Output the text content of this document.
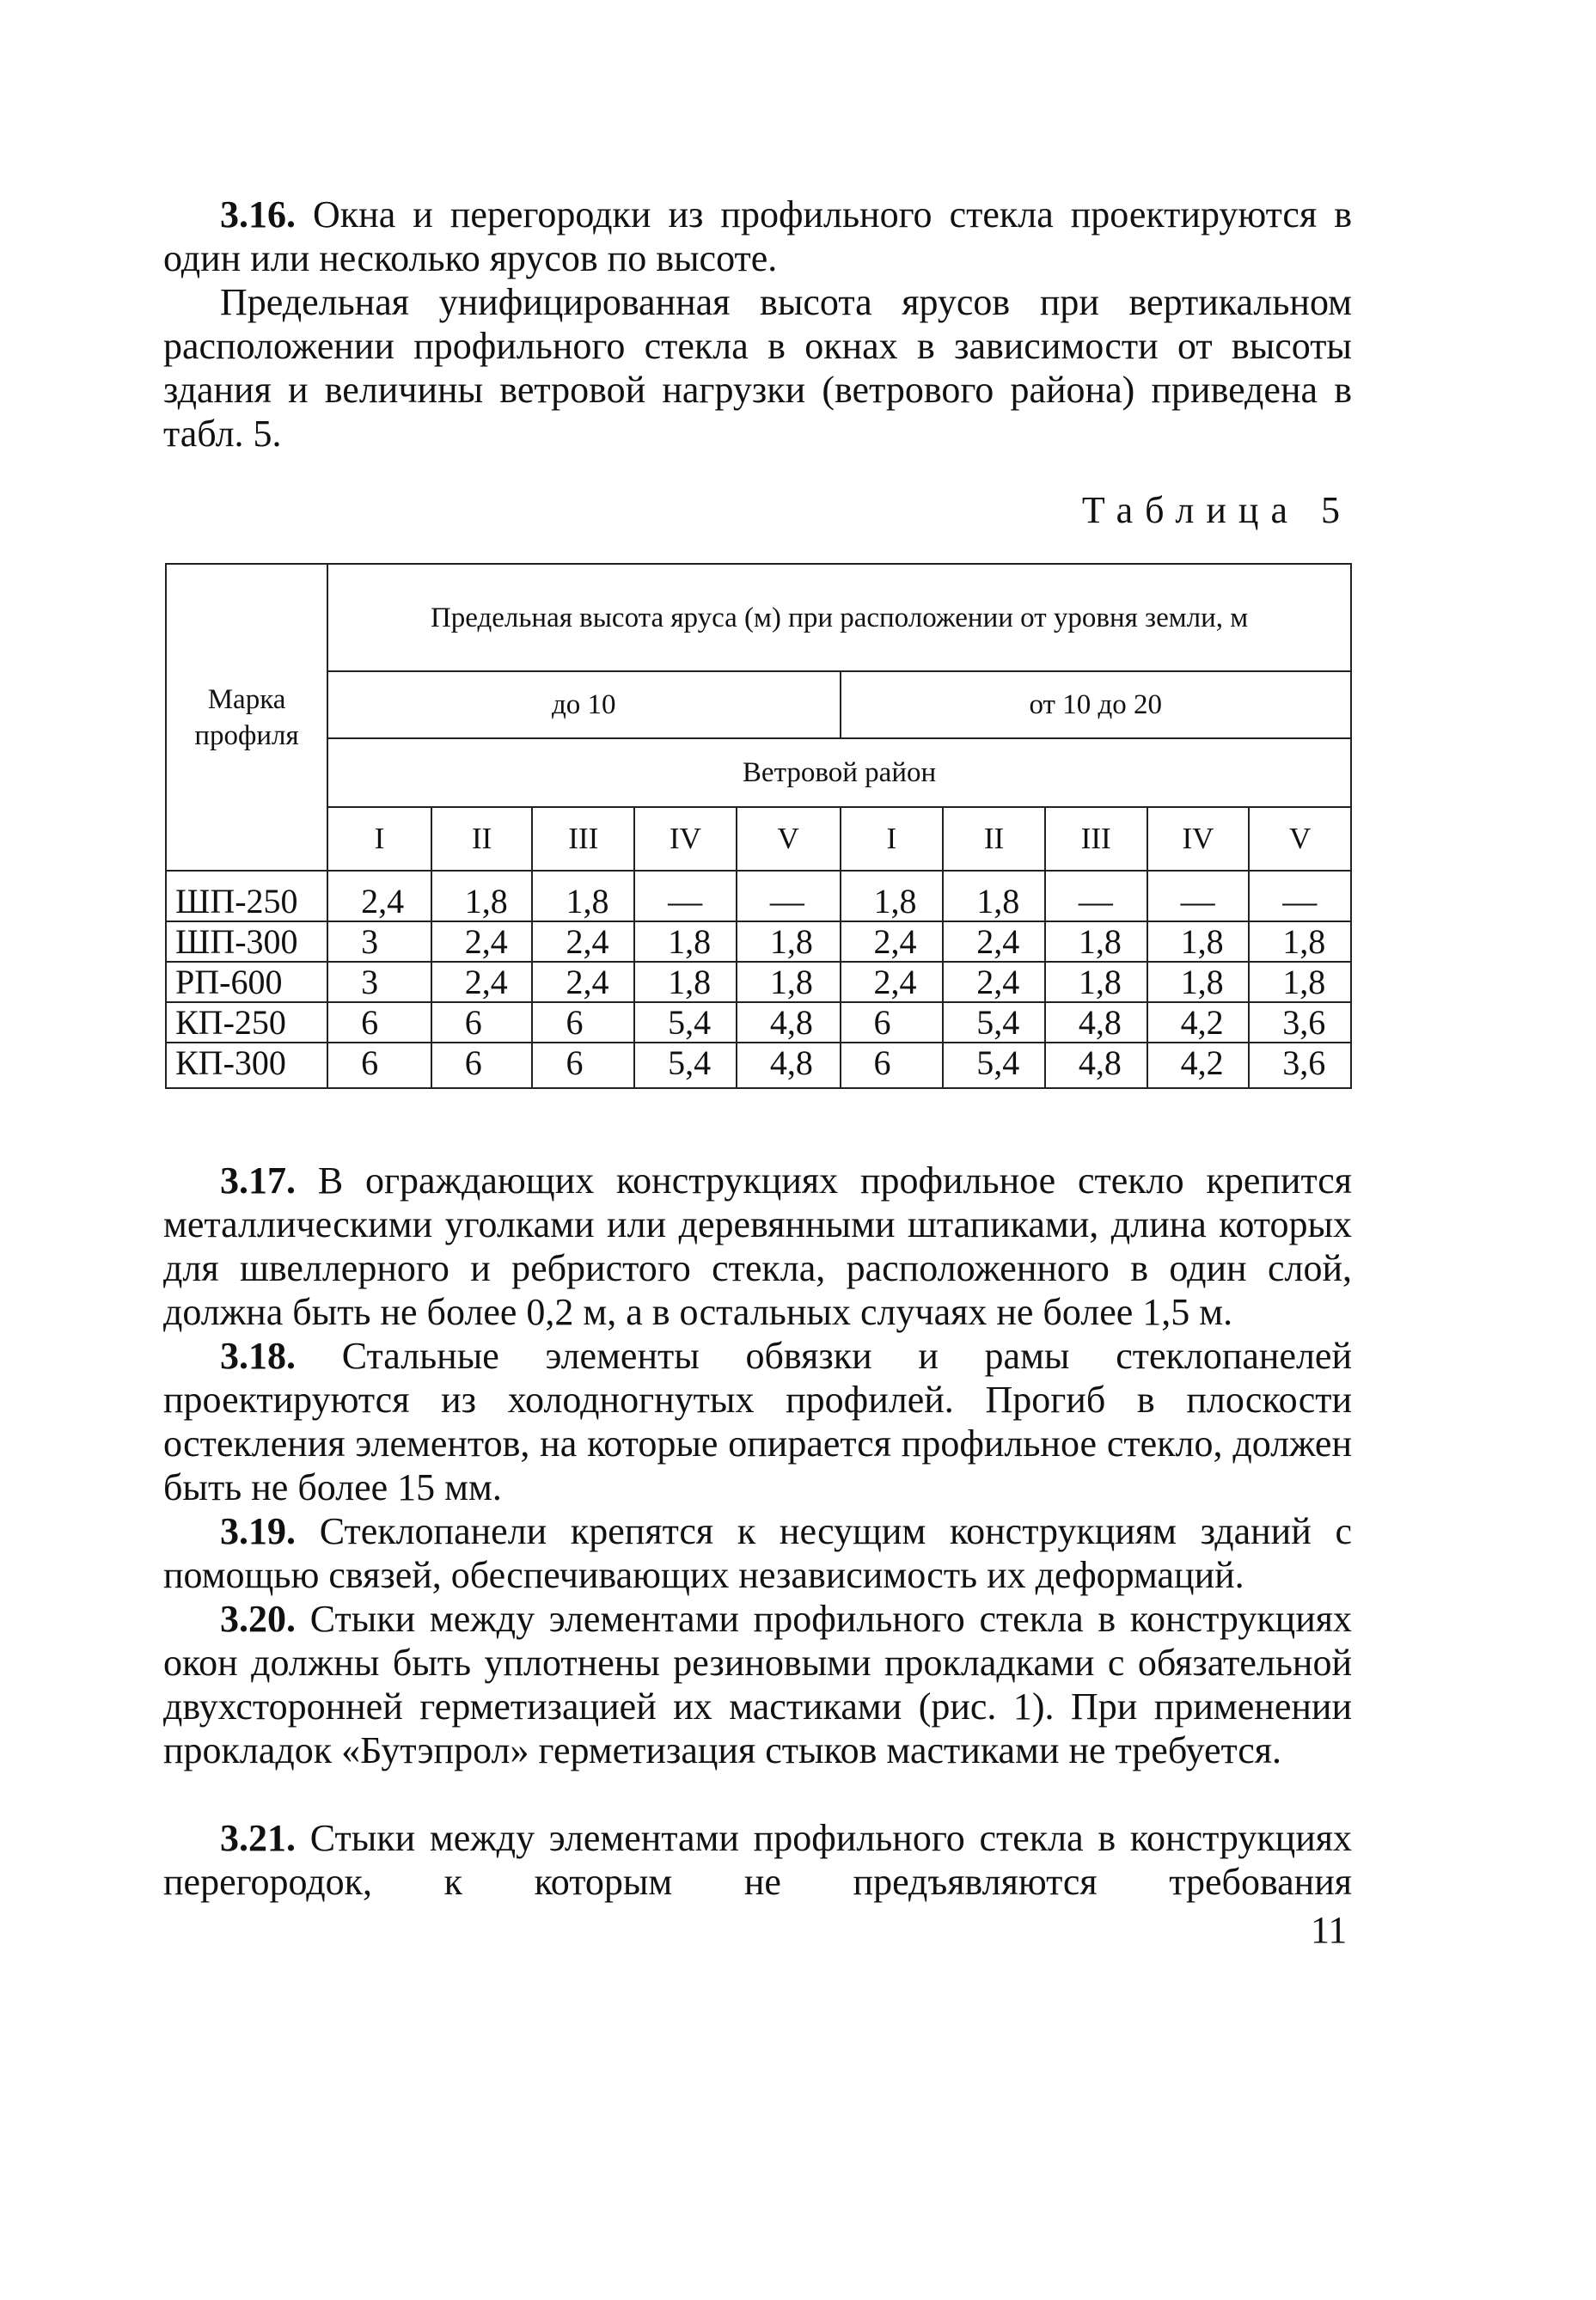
3.16. Окна и перегородки из профильного стекла проектируются в один или несколько ярусов по высоте.
Предельная унифицированная высота ярусов при вертикальном расположении профильного стекла в окнах в зависимости от высоты здания и величины ветровой нагрузки (ветрового района) приведена в табл. 5.
Таблица 5
Марка профиля	Предельная высота яруса (м) при расположении от уровня земли, м									
	до 10					от 10 до 20				
	Ветровой район									
	I	II	III	IV	V	I	II	III	IV	V
ШП-250	2,4	1,8	1,8	—	—	1,8	1,8	—	—	—
ШП-300	3	2,4	2,4	1,8	1,8	2,4	2,4	1,8	1,8	1,8
РП-600	3	2,4	2,4	1,8	1,8	2,4	2,4	1,8	1,8	1,8
КП-250	6	6	6	5,4	4,8	6	5,4	4,8	4,2	3,6
КП-300	6	6	6	5,4	4,8	6	5,4	4,8	4,2	3,6
3.17. В ограждающих конструкциях профильное стекло крепится металлическими уголками или деревянными штапиками, длина которых для швеллерного и ребристого стекла, расположенного в один слой, должна быть не более 0,2 м, а в остальных случаях не более 1,5 м.
3.18. Стальные элементы обвязки и рамы стеклопанелей проектируются из холодногнутых профилей. Прогиб в плоскости остекления элементов, на которые опирается профильное стекло, должен быть не более 15 мм.
3.19. Стеклопанели крепятся к несущим конструкциям зданий с помощью связей, обеспечивающих независимость их деформаций.
3.20. Стыки между элементами профильного стекла в конструкциях окон должны быть уплотнены резиновыми прокладками с обязательной двухсторонней герметизацией их мастиками (рис. 1). При применении прокладок «Бутэпрол» герметизация стыков мастиками не требуется.
3.21. Стыки между элементами профильного стекла в конструкциях перегородок, к которым не предъявляются требования
11
